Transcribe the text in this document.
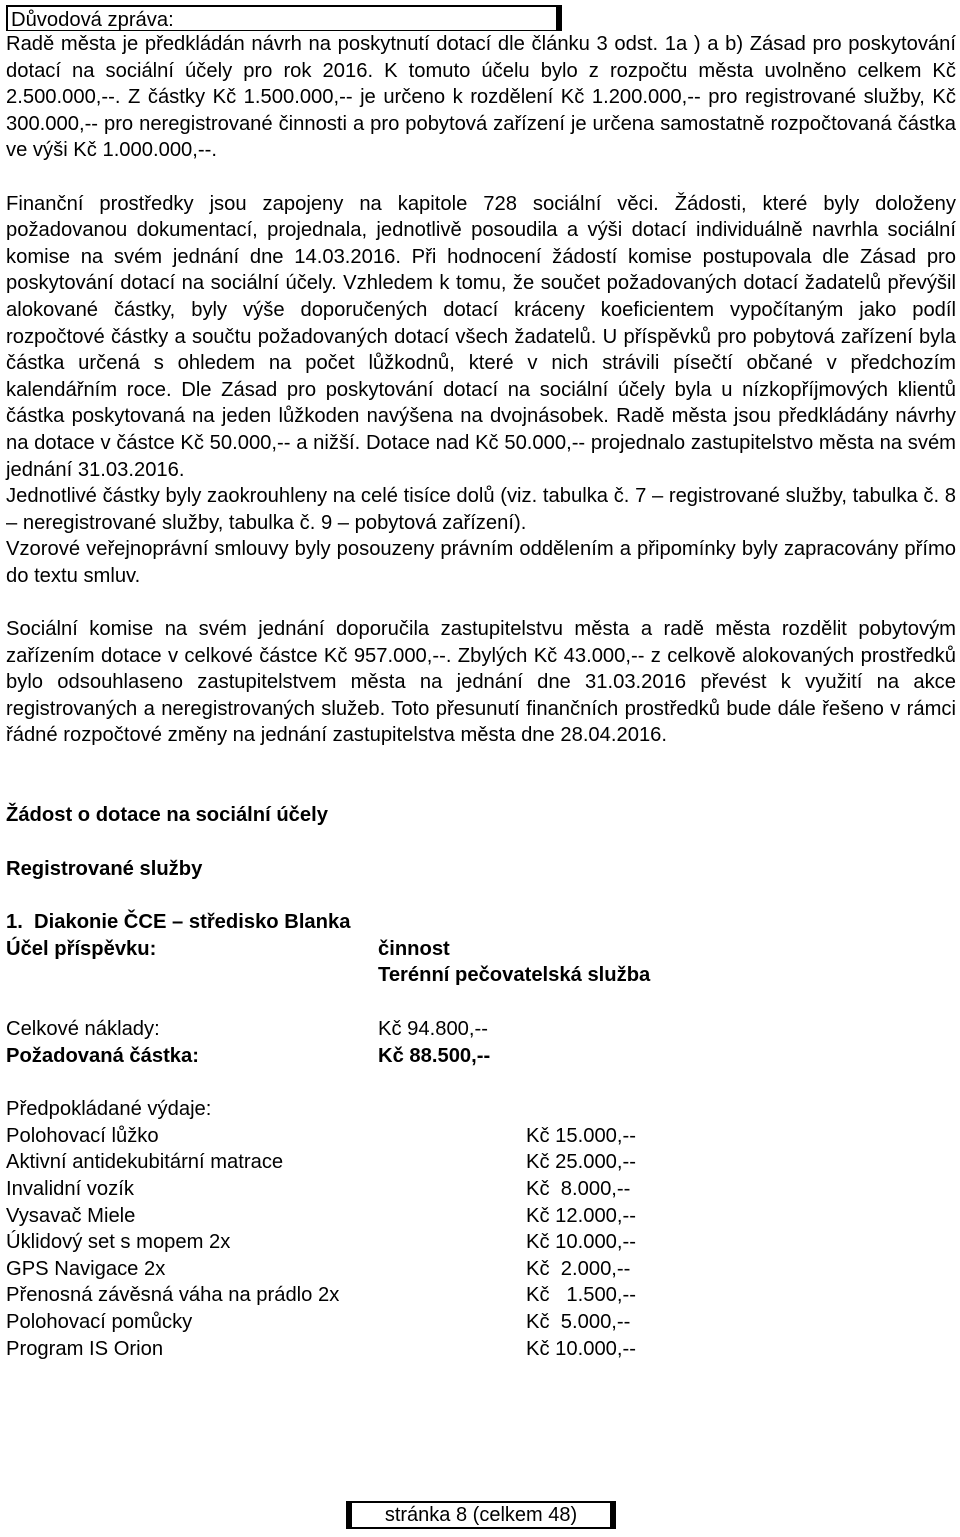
Důvodová zpráva:

Radě města je předkládán návrh na poskytnutí dotací dle článku 3 odst. 1a ) a b) Zásad pro poskytování dotací na sociální účely pro rok 2016. K tomuto účelu bylo z rozpočtu města uvolněno celkem Kč 2.500.000,--. Z částky Kč 1.500.000,-- je určeno k rozdělení Kč 1.200.000,-- pro registrované služby, Kč 300.000,-- pro neregistrované činnosti a pro pobytová zařízení je určena samostatně rozpočtovaná částka ve výši Kč 1.000.000,--.

Finanční prostředky jsou zapojeny na kapitole 728 sociální věci. Žádosti, které byly doloženy požadovanou dokumentací, projednala, jednotlivě posoudila a výši dotací individuálně navrhla sociální komise na svém jednání dne 14.03.2016. Při hodnocení žádostí komise postupovala dle Zásad pro poskytování dotací na sociální účely. Vzhledem k tomu, že součet požadovaných dotací žadatelů převýšil alokované částky, byly výše doporučených dotací kráceny koeficientem vypočítaným jako podíl rozpočtové částky a součtu požadovaných dotací všech žadatelů. U příspěvků pro pobytová zařízení byla částka určená s ohledem na počet lůžkodnů, které v nich strávili písečtí občané v předchozím kalendářním roce. Dle Zásad pro poskytování dotací na sociální účely byla u nízkopříjmových klientů částka poskytovaná na jeden lůžkoden navýšena na dvojnásobek. Radě města jsou předkládány návrhy na dotace v částce Kč 50.000,-- a nižší. Dotace nad Kč 50.000,-- projednalo zastupitelstvo města na svém jednání 31.03.2016.

Jednotlivé částky byly zaokrouhleny na celé tisíce dolů (viz. tabulka č. 7 – registrované služby, tabulka č. 8 – neregistrované služby, tabulka č. 9 – pobytová zařízení).

Vzorové veřejnoprávní smlouvy byly posouzeny právním oddělením a připomínky byly zapracovány přímo do textu smluv.

Sociální komise na svém jednání doporučila zastupitelstvu města a radě města rozdělit pobytovým zařízením dotace v celkové částce Kč 957.000,--. Zbylých Kč 43.000,-- z celkově alokovaných prostředků bylo odsouhlaseno zastupitelstvem města na jednání dne 31.03.2016 převést k využití na akce registrovaných a neregistrovaných služeb. Toto přesunutí finančních prostředků bude dále řešeno v rámci řádné rozpočtové změny na jednání zastupitelstva města dne 28.04.2016.

Žádost o dotace na sociální účely
Registrované služby
1.  Diakonie ČCE – středisko Blanka
Účel příspěvku:	činnost
Terénní pečovatelská služba
Celkové náklady:	Kč 94.800,--
Požadovaná částka:	Kč 88.500,--
Předpokládané výdaje:
Polohovací lůžko	Kč 15.000,--
Aktivní antidekubitární matrace	Kč 25.000,--
Invalidní vozík	Kč  8.000,--
Vysavač Miele	Kč 12.000,--
Úklidový set s mopem 2x	Kč 10.000,--
GPS Navigace 2x	Kč  2.000,--
Přenosná závěsná váha na prádlo 2x	Kč   1.500,--
Polohovací pomůcky	Kč  5.000,--
Program IS Orion	Kč 10.000,--
stránka 8 (celkem 48)
